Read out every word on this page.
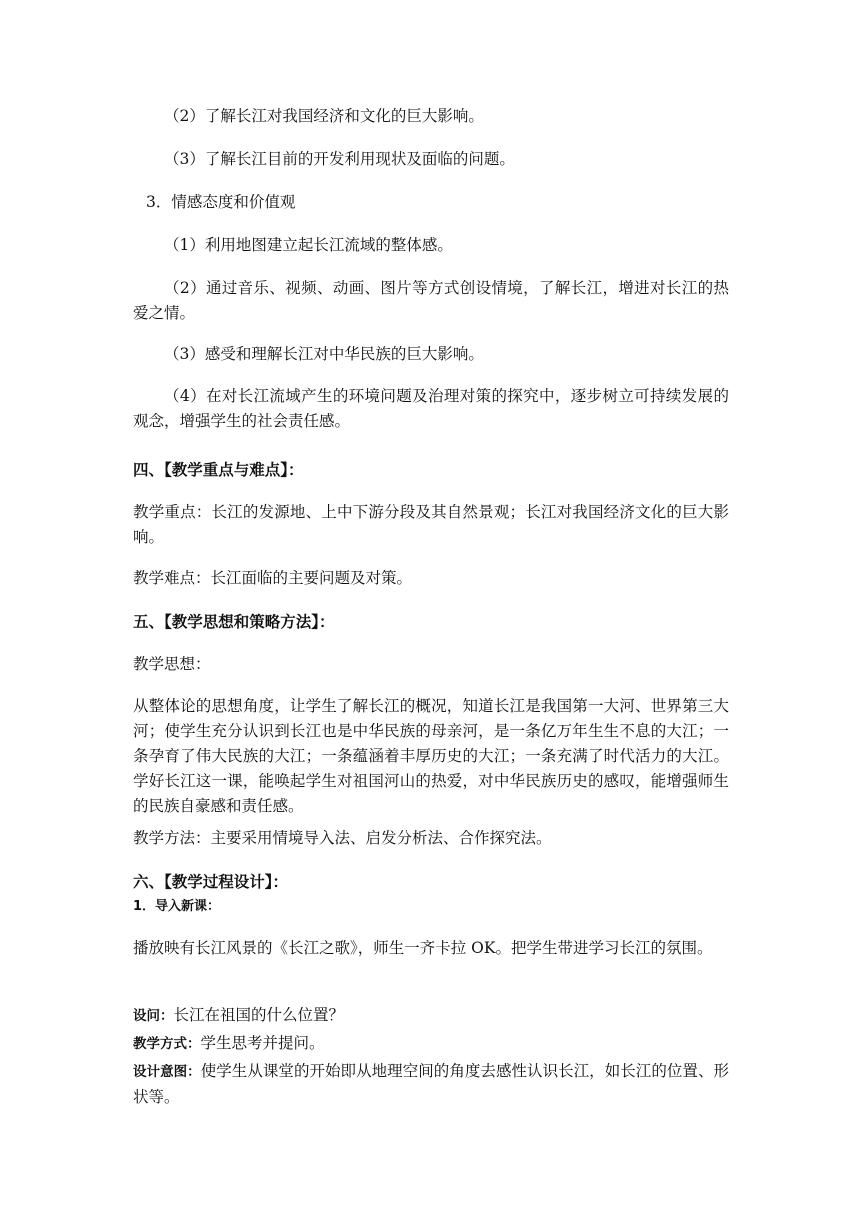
（2）了解长江对我国经济和文化的巨大影响。

（3）了解长江目前的开发利用现状及面临的问题。

3．情感态度和价值观

（1）利用地图建立起长江流域的整体感。

（2）通过音乐、视频、动画、图片等方式创设情境，了解长江，增进对长江的热爱之情。

（3）感受和理解长江对中华民族的巨大影响。

（4）在对长江流域产生的环境问题及治理对策的探究中，逐步树立可持续发展的观念，增强学生的社会责任感。

四、【教学重点与难点】：

教学重点：长江的发源地、上中下游分段及其自然景观；长江对我国经济文化的巨大影响。

教学难点：长江面临的主要问题及对策。

五、【教学思想和策略方法】：

教学思想：

从整体论的思想角度，让学生了解长江的概况，知道长江是我国第一大河、世界第三大河；使学生充分认识到长江也是中华民族的母亲河，是一条亿万年生生不息的大江；一条孕育了伟大民族的大江；一条蕴涵着丰厚历史的大江；一条充满了时代活力的大江。学好长江这一课，能唤起学生对祖国河山的热爱，对中华民族历史的感叹，能增强师生的民族自豪感和责任感。

教学方法：主要采用情境导入法、启发分析法、合作探究法。

六、【教学过程设计】：

1．导入新课：

播放映有长江风景的《长江之歌》，师生一齐卡拉 OK。把学生带进学习长江的氛围。

设问：长江在祖国的什么位置？

教学方式：学生思考并提问。

设计意图：使学生从课堂的开始即从地理空间的角度去感性认识长江，如长江的位置、形状等。
